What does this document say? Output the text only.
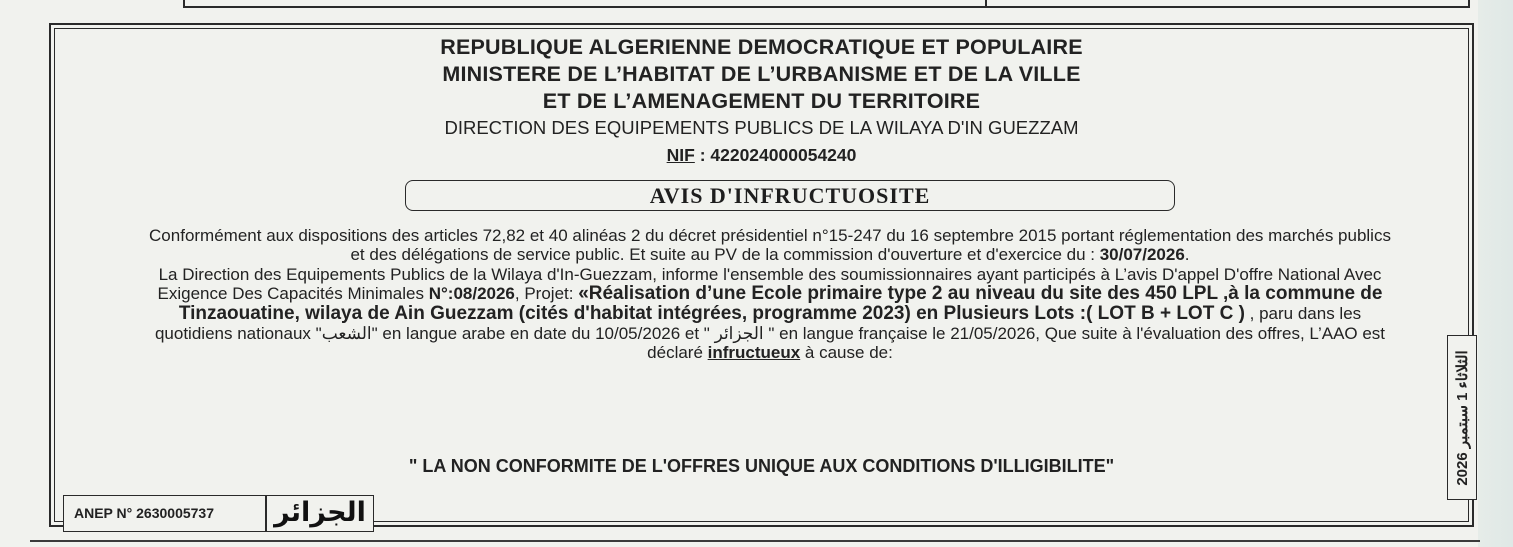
REPUBLIQUE ALGERIENNE DEMOCRATIQUE ET POPULAIRE
MINISTERE DE L’HABITAT DE L’URBANISME ET DE LA VILLE
ET DE L’AMENAGEMENT DU TERRITOIRE
DIRECTION DES EQUIPEMENTS PUBLICS DE LA WILAYA D'IN GUEZZAM
NIF : 422024000054240
AVIS D'INFRUCTUOSITE
Conformément aux dispositions des articles 72,82 et 40 alinéas 2 du décret présidentiel n°15-247 du 16 septembre 2015 portant réglementation des marchés publics et des délégations de service public. Et suite au PV de la commission d'ouverture et d'exercice du : 30/07/2026.
La Direction des Equipements Publics de la Wilaya d'In-Guezzam, informe l'ensemble des soumissionnaires ayant participés à L’avis D'appel D'offre National Avec Exigence Des Capacités Minimales N°:08/2026, Projet: «Réalisation d’une Ecole primaire type 2 au niveau du site des 450 LPL ,à la commune de Tinzaouatine, wilaya de Ain Guezzam (cités d'habitat intégrées, programme 2023) en Plusieurs Lots :( LOT B + LOT C ) , paru dans les quotidiens nationaux "الشعب" en langue arabe en date du 10/05/2026 et " الجزائر " en langue française le 21/05/2026, Que suite à l'évaluation des offres, L’AAO est déclaré infructueux à cause de:
" LA NON CONFORMITE DE L'OFFRES UNIQUE AUX CONDITIONS D'ILLIGIBILITE"
ANEP N° 2630005737	الجزائر
الثلاثاء 1 سبتمبر 2026
